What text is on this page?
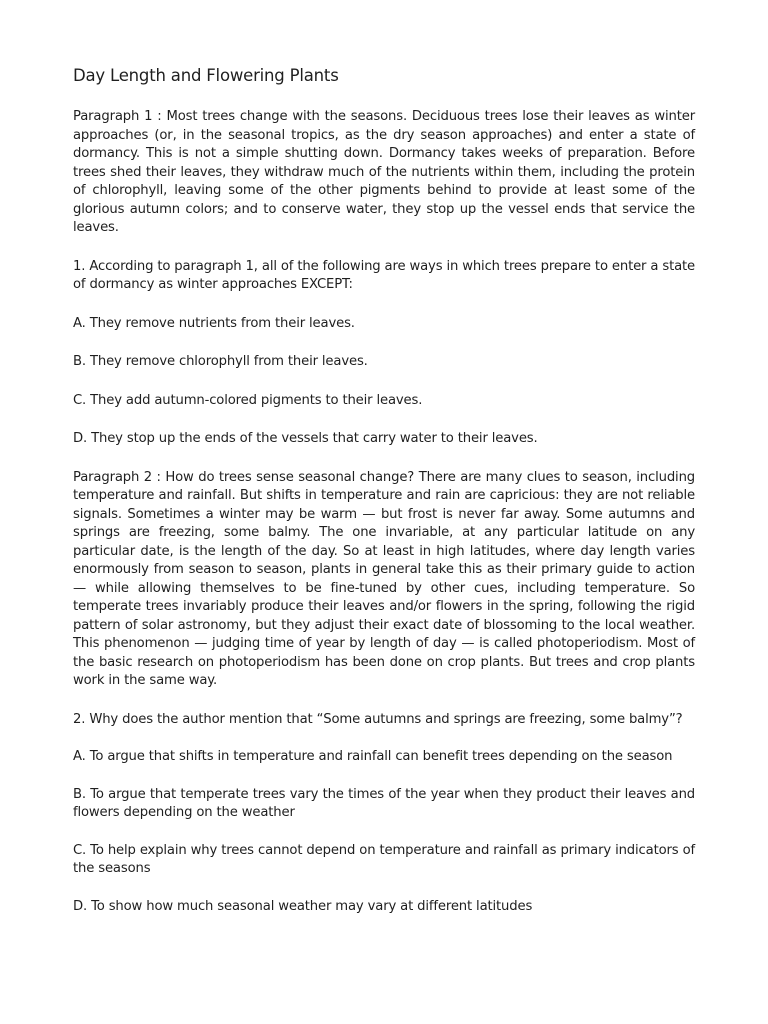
Day Length and Flowering Plants

Paragraph 1 : Most trees change with the seasons. Deciduous trees lose their leaves as winter approaches (or, in the seasonal tropics, as the dry season approaches) and enter a state of dormancy. This is not a simple shutting down. Dormancy takes weeks of preparation. Before trees shed their leaves, they withdraw much of the nutrients within them, including the protein of chlorophyll, leaving some of the other pigments behind to provide at least some of the glorious autumn colors; and to conserve water, they stop up the vessel ends that service the leaves.

1. According to paragraph 1, all of the following are ways in which trees prepare to enter a state of dormancy as winter approaches EXCEPT:

A. They remove nutrients from their leaves.

B. They remove chlorophyll from their leaves.

C. They add autumn-colored pigments to their leaves.

D. They stop up the ends of the vessels that carry water to their leaves.

Paragraph 2 : How do trees sense seasonal change? There are many clues to season, including temperature and rainfall. But shifts in temperature and rain are capricious: they are not reliable signals. Sometimes a winter may be warm — but frost is never far away. Some autumns and springs are freezing, some balmy. The one invariable, at any particular latitude on any particular date, is the length of the day. So at least in high latitudes, where day length varies enormously from season to season, plants in general take this as their primary guide to action — while allowing themselves to be fine-tuned by other cues, including temperature. So temperate trees invariably produce their leaves and/or flowers in the spring, following the rigid pattern of solar astronomy, but they adjust their exact date of blossoming to the local weather. This phenomenon — judging time of year by length of day — is called photoperiodism. Most of the basic research on photoperiodism has been done on crop plants. But trees and crop plants work in the same way.

2. Why does the author mention that “Some autumns and springs are freezing, some balmy”?

A. To argue that shifts in temperature and rainfall can benefit trees depending on the season

B. To argue that temperate trees vary the times of the year when they product their leaves and flowers depending on the weather

C. To help explain why trees cannot depend on temperature and rainfall as primary indicators of the seasons

D. To show how much seasonal weather may vary at different latitudes
